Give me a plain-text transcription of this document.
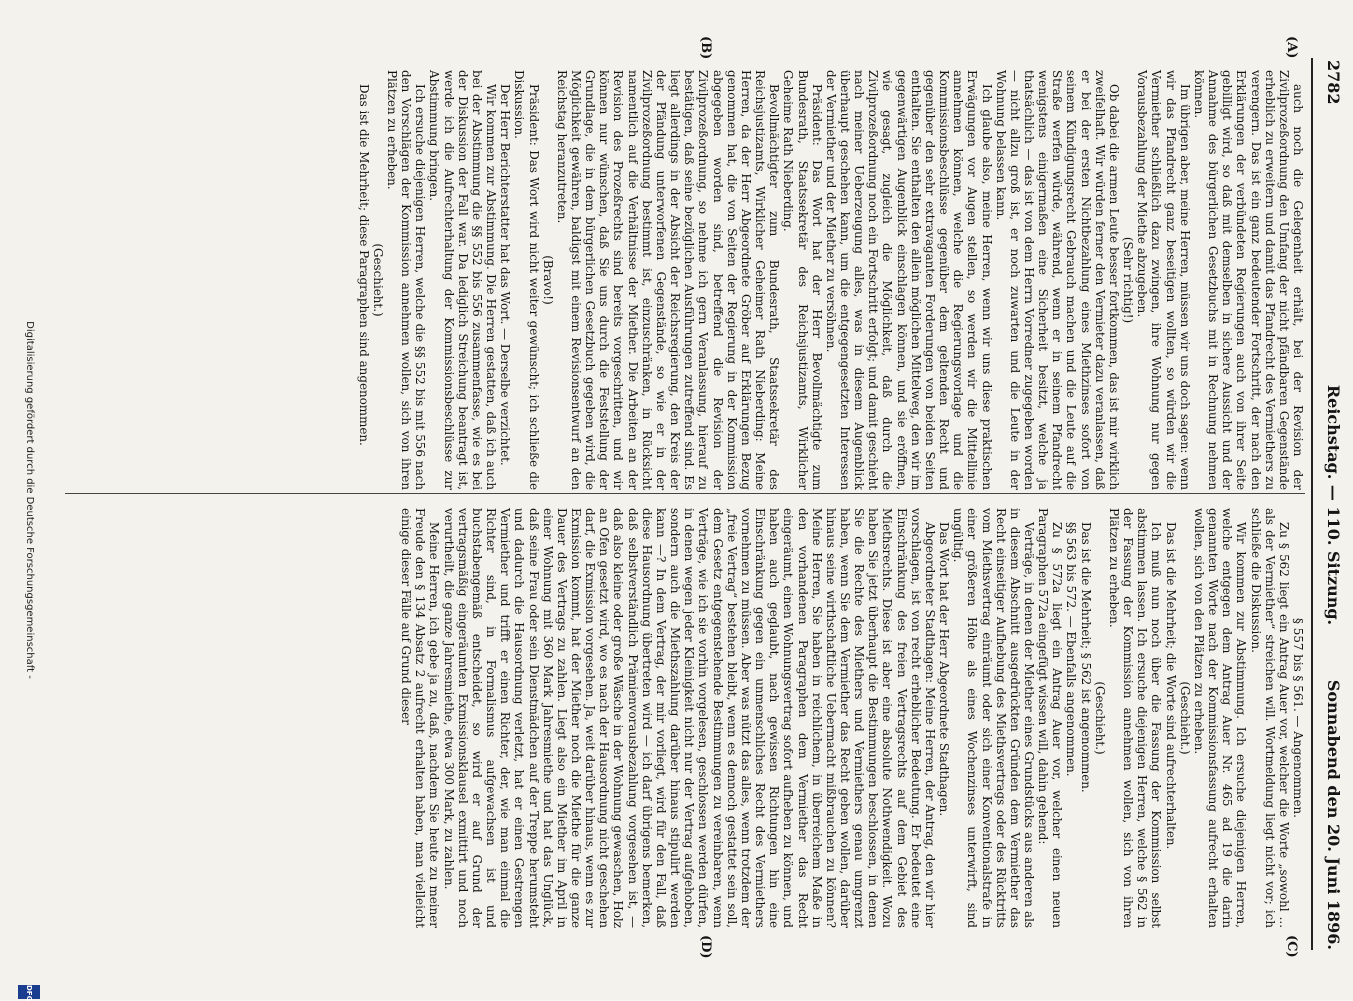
2782
Reichstag. — 110. Sitzung.
Sonnabend den 20. Juni 1896.
(A)
(B)
(C)
(D)

auch noch die Gelegenheit erhält, bei der Revision der Zivilprozeßordnung den Umfang der nicht pfändbaren Gegenstände erheblich zu erweitern und damit das Pfandrecht des Vermiethers zu verengern. Das ist ein ganz bedeutender Fortschritt, der nach den Erklärungen der verbündeten Regierungen auch von ihrer Seite gebilligt wird, so daß mit demselben in sichere Aussicht und der Annahme des bürgerlichen Gesetzbuchs mit in Rechnung nehmen können.

Im übrigen aber, meine Herren, müssen wir uns doch sagen: wenn wir das Pfandrecht ganz beseitigen wollten, so würden wir die Vermiether schließlich dazu zwingen, ihre Wohnung nur gegen Vorausbezahlung der Miethe abzugeben.

(Sehr richtig!)

Ob dabei die armen Leute besser fortkommen, das ist mir wirklich zweifelhaft. Wir würden ferner den Vermieter dazu veranlassen, daß er bei der ersten Nichtbezahlung eines Miethzinses sofort von seinem Kündigungsrecht Gebrauch machen und die Leute auf die Straße werfen würde, während, wenn er in seinem Pfandrecht wenigstens einigermaßen eine Sicherheit besitzt, welche ja thatsächlich — das ist von dem Herrn Vorredner zugegeben worden — nicht allzu groß ist, er noch zuwarten und die Leute in der Wohnung belassen kann.

Ich glaube also, meine Herren, wenn wir uns diese praktischen Erwägungen vor Augen stellen, so werden wir die Mittellinie annehmen können, welche die Regierungsvorlage und die Kommissionsbeschlüsse gegenüber dem geltenden Recht und gegenüber den sehr extravaganten Forderungen von beiden Seiten enthalten. Sie enthalten den allein möglichen Mittelweg, den wir im gegenwärtigen Augenblick einschlagen können, und sie eröffnen, wie gesagt, zugleich die Möglichkeit, daß durch die Zivilprozeßordnung noch ein Fortschritt erfolgt; und damit geschieht nach meiner Ueberzeugung alles, was in diesem Augenblick überhaupt geschehen kann, um die entgegengesetzten Interessen der Vermiether und der Miether zu versöhnen.

Präsident: Das Wort hat der Herr Bevollmächtigte zum Bundesrath, Staatssekretär des Reichsjustizamts, Wirklicher Geheime Rath Nieberding.

Bevollmächtigter zum Bundesrath, Staatssekretär des Reichsjustizamts, Wirklicher Geheimer Rath Nieberding: Meine Herren, da der Herr Abgeordnete Gröber auf Erklärungen Bezug genommen hat, die von Seiten der Regierung in der Kommission abgegeben worden sind, betreffend die Revision der Zivilprozeßordnung, so nehme ich gern Veranlassung, hierauf zu bestätigen, daß seine bezüglichen Ausführungen zutreffend sind. Es liegt allerdings in der Absicht der Reichsregierung, den Kreis der der Pfändung unterworfenen Gegenstände, so wie er in der Zivilprozeßordnung bestimmt ist, einzuschränken, in Rücksicht namentlich auf die Verhältnisse der Miether. Die Arbeiten an der Revision des Prozeßrechts sind bereits vorgeschritten, und wir können nur wünschen, daß Sie uns durch die Feststellung der Grundlage, die in dem bürgerlichen Gesetzbuch gegeben wird, die Möglichkeit gewähren, baldigst mit einem Revisionsentwurf an den Reichstag heranzutreten.

(Bravo!)

Präsident: Das Wort wird nicht weiter gewünscht; ich schließe die Diskussion.

Der Herr Berichterstatter hat das Wort. — Derselbe verzichtet.

Wir kommen zur Abstimmung. Die Herren gestatten, daß ich auch bei der Abstimmung die §§ 552 bis 556 zusammenfasse, wie es bei der Diskussion der Fall war. Da lediglich Streichung beantragt ist, werde ich die Aufrechterhaltung der Kommissionsbeschlüsse zur Abstimmung bringen.

Ich ersuche diejenigen Herren, welche die §§ 552 bis mit 556 nach den Vorschlägen der Kommission annehmen wollen, sich von ihren Plätzen zu erheben.

(Geschieht.)

Das ist die Mehrheit; diese Paragraphen sind angenommen.

§ 557 bis § 561. — Angenommen.

Zu § 562 liegt ein Antrag Auer vor, welcher die Worte „sowohl ... als der Vermiether“ streichen will. Wortmeldung liegt nicht vor; ich schließe die Diskussion.

Wir kommen zur Abstimmung. Ich ersuche diejenigen Herren, welche entgegen dem Antrag Auer Nr. 465 ad 19 die darin genannten Worte nach der Kommissionsfassung aufrecht erhalten wollen, sich von den Plätzen zu erheben.

(Geschieht.)

Das ist die Mehrheit; die Worte sind aufrechterhalten.

Ich muß nun noch über die Fassung der Kommission selbst abstimmen lassen. Ich ersuche diejenigen Herren, welche § 562 in der Fassung der Kommission annehmen wollen, sich von ihren Plätzen zu erheben.

(Geschieht.)

Das ist die Mehrheit; § 562 ist angenommen.

§§ 563 bis 572. — Ebenfalls angenommen.

Zu § 572a liegt ein Antrag Auer vor, welcher einen neuen Paragraphen 572a eingefügt wissen will, dahin gehend:

Verträge, in denen der Miether eines Grundstücks aus anderen als in diesem Abschnitt ausgedrückten Gründen dem Vermiether das Recht einseitiger Aufhebung des Miethsvertrags oder des Rücktritts vom Miethsvertrag einräumt oder sich einer Konventionalstrafe in einer größeren Höhe als eines Wochenzinses unterwirft, sind ungültig.

Das Wort hat der Herr Abgeordnete Stadthagen.

Abgeordneter Stadthagen: Meine Herren, der Antrag, den wir hier vorschlagen, ist von recht erheblicher Bedeutung. Er bedeutet eine Einschränkung des freien Vertragsrechts auf dem Gebiet des Miethsrechts. Diese ist aber eine absolute Nothwendigkeit. Wozu haben Sie jetzt überhaupt die Bestimmungen beschlossen, in denen Sie die Rechte des Miethers und Vermiethers genau umgrenzt haben, wenn Sie dem Vermiether das Recht geben wollen, darüber hinaus seine wirthschaftliche Uebermacht mißbrauchen zu können? Meine Herren, Sie haben in reichlichem, in überreichem Maße in den vorhandenen Paragraphen dem Vermiether das Recht eingeräumt, einen Wohnungsvertrag sofort aufheben zu können, und haben auch geglaubt, nach gewissen Richtungen hin eine Einschränkung gegen ein unmenschliches Recht des Vermiethers vornehmen zu müssen. Aber was nützt das alles, wenn trotzdem der „freie Vertrag“ bestehen bleibt, wenn es dennoch gestattet sein soll, dem Gesetz entgegenstehende Bestimmungen zu vereinbaren, wenn Verträge, wie ich sie vorhin vorgelesen, geschlossen werden dürfen, in denen wegen jeder Kleinigkeit nicht nur der Vertrag aufgehoben, sondern auch die Miethszahlung darüber hinaus stipulirt werden kann —? In dem Vertrag, der mir vorliegt, wird für den Fall, daß diese Hausordnung übertreten wird — ich darf übrigens bemerken, daß selbstverständlich Prämienvorausbezahlung vorgesehen ist, — daß also kleine oder große Wäsche in der Wohnung gewaschen, Holz an Ofen gesetzt wird, wo es nach der Hausordnung nicht geschehen darf, die Exmission vorgesehen. Ja, weit darüber hinaus, wenn es zur Exmission kommt, hat der Miether noch die Miethe für die ganze Dauer des Vertrags zu zahlen. Liegt also ein Miether im April in einer Wohnung mit 360 Mark Jahresmiethe und hat das Unglück, daß seine Frau oder sein Dienstmädchen auf der Treppe herumsteht und dadurch die Hausordnung verletzt, hat er einen Gestrengen Vermiether und trifft er einen Richter, der, wie man einmal die Richter sind, in Formalismus aufgewachsen ist und buchstabengemäß entscheidet, so wird er auf Grund der vertragsmäßig eingeräumten Exmissionsklausel exmittirt und noch verurtheilt, die ganze Jahresmiethe, etwa 300 Mark, zu zahlen.

Meine Herren, ich gebe ja zu, daß, nachdem Sie heute zu meiner Freude den § 134 Absatz 2 aufrecht erhalten haben, man vielleicht einige dieser Fälle auf Grund dieser

Digitalisierung gefördert durch die Deutsche Forschungsgemeinschaft -
DFG
